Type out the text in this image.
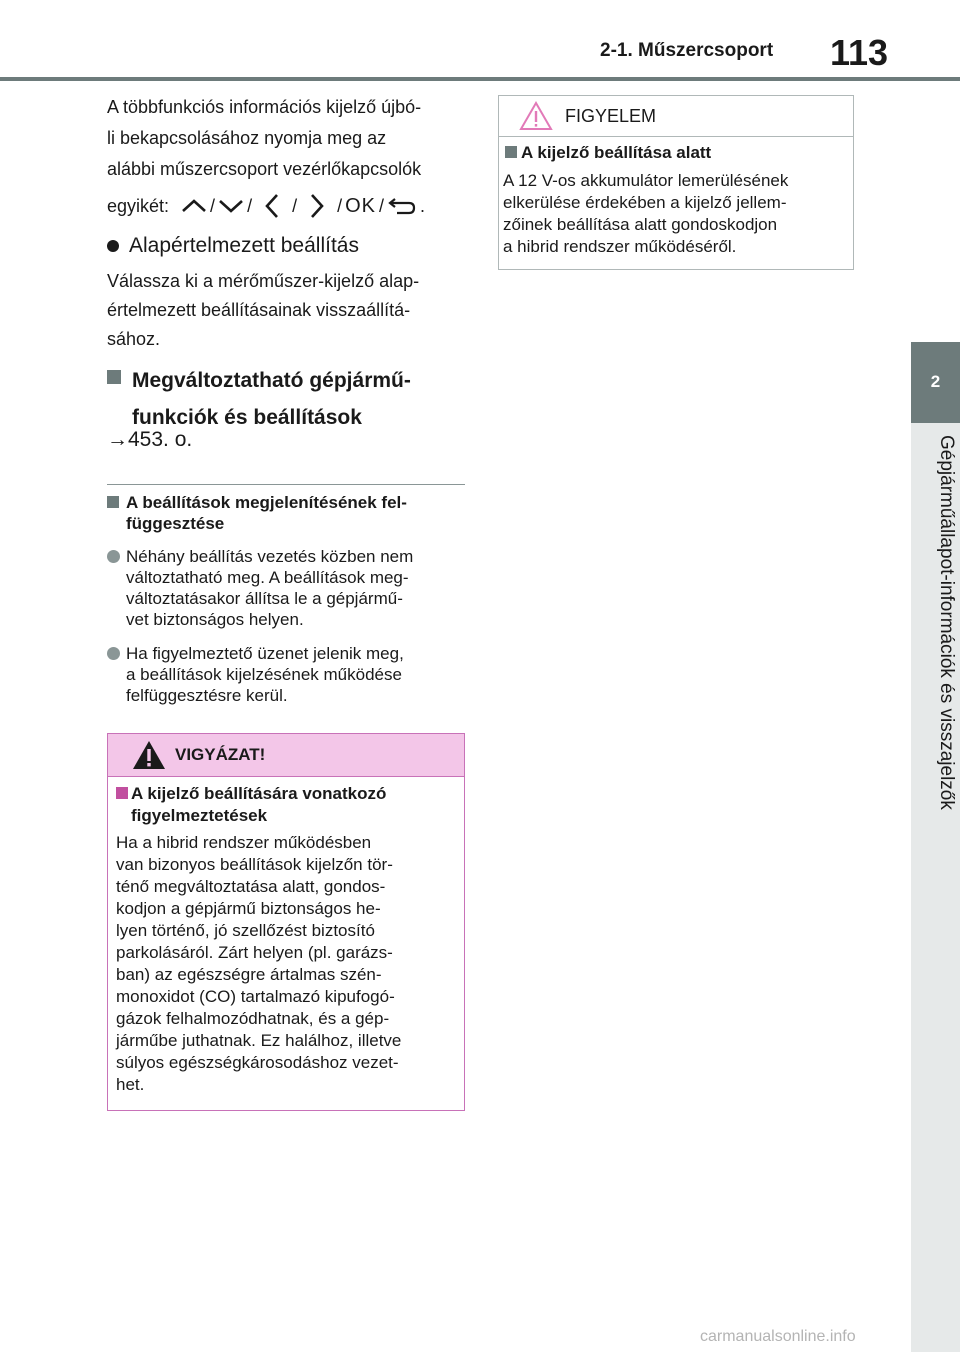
2-1. Műszercsoport 113
2
Gépjárműállapot-információk és visszajelzők
A többfunkciós információs kijelző újbó-
li bekapcsolásához nyomja meg az
alábbi műszercsoport vezérlőkapcsolók
egyikét: / / / / OK / .
Alapértelmezett beállítás
Válassza ki a mérőműszer-kijelző alap-
értelmezett beállításainak visszaállítá-
sához.
Megváltoztatható gépjármű-
funkciók és beállítások
→453. o.
A beállítások megjelenítésének fel-
függesztése
Néhány beállítás vezetés közben nem
változtatható meg. A beállítások meg-
változtatásakor állítsa le a gépjármű-
vet biztonságos helyen.
Ha figyelmeztető üzenet jelenik meg,
a beállítások kijelzésének működése
felfüggesztésre kerül.
VIGYÁZAT!
A kijelző beállítására vonatkozó
figyelmeztetések
Ha a hibrid rendszer működésben
van bizonyos beállítások kijelzőn tör-
ténő megváltoztatása alatt, gondos-
kodjon a gépjármű biztonságos he-
lyen történő, jó szellőzést biztosító
parkolásáról. Zárt helyen (pl. garázs-
ban) az egészségre ártalmas szén-
monoxidot (CO) tartalmazó kipufogó-
gázok felhalmozódhatnak, és a gép-
járműbe juthatnak. Ez halálhoz, illetve
súlyos egészségkárosodáshoz vezet-
het.
FIGYELEM
A kijelző beállítása alatt
A 12 V-os akkumulátor lemerülésének
elkerülése érdekében a kijelző jellem-
zőinek beállítása alatt gondoskodjon
a hibrid rendszer működéséről.
carmanualsonline.info
